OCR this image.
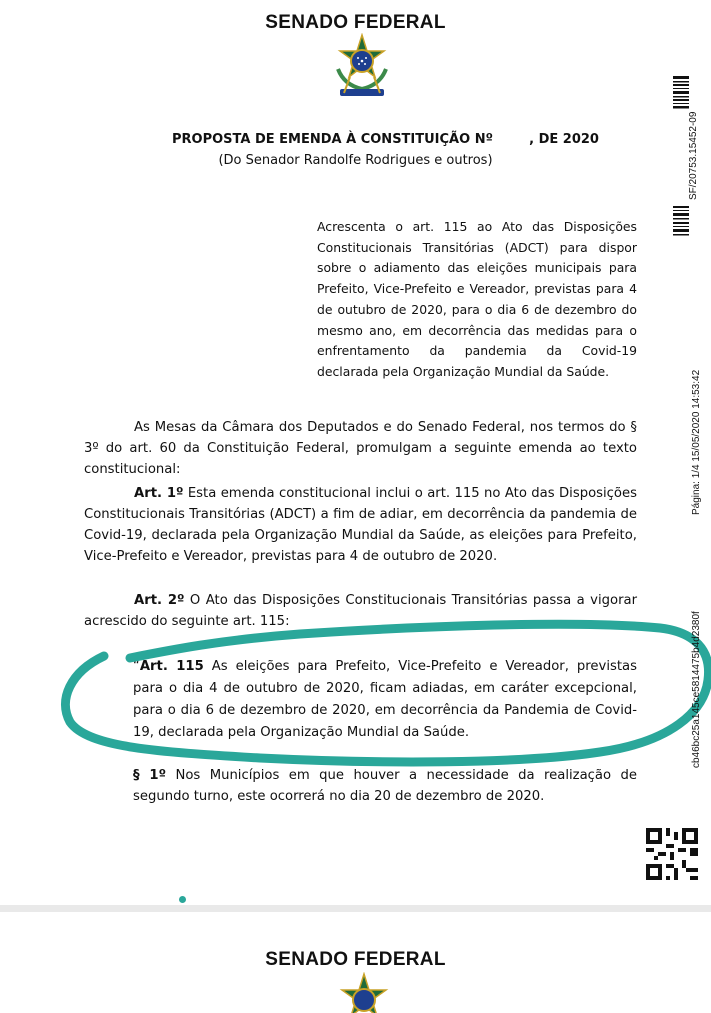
SENADO FEDERAL
PROPOSTA DE EMENDA À CONSTITUIÇÃO Nº        , DE 2020
(Do Senador Randolfe Rodrigues e outros)
Acrescenta o art. 115 ao Ato das Disposições Constitucionais Transitórias (ADCT) para dispor sobre o adiamento das eleições municipais para Prefeito, Vice-Prefeito e Vereador, previstas para 4 de outubro de 2020, para o dia 6 de dezembro do mesmo ano, em decorrência das medidas para o enfrentamento da pandemia da Covid-19 declarada pela Organização Mundial da Saúde.
As Mesas da Câmara dos Deputados e do Senado Federal, nos termos do § 3º do art. 60 da Constituição Federal, promulgam a seguinte emenda ao texto constitucional:
Art. 1º Esta emenda constitucional inclui o art. 115 no Ato das Disposições Constitucionais Transitórias (ADCT) a fim de adiar, em decorrência da pandemia de Covid-19, declarada pela Organização Mundial da Saúde, as eleições para Prefeito, Vice-Prefeito e Vereador, previstas para 4 de outubro de 2020.
Art. 2º O Ato das Disposições Constitucionais Transitórias passa a vigorar acrescido do seguinte art. 115:
“Art. 115 As eleições para Prefeito, Vice-Prefeito e Vereador, previstas para o dia 4 de outubro de 2020, ficam adiadas, em caráter excepcional, para o dia 6 de dezembro de 2020, em decorrência da Pandemia de Covid-19, declarada pela Organização Mundial da Saúde.
§ 1º Nos Municípios em que houver a necessidade da realização de segundo turno, este ocorrerá no dia 20 de dezembro de 2020.
SF/20753.15452-09
Página: 1/4 15/05/2020 14:53:42
cb46bc25a145ce5814475b4d2380f
SENADO FEDERAL
